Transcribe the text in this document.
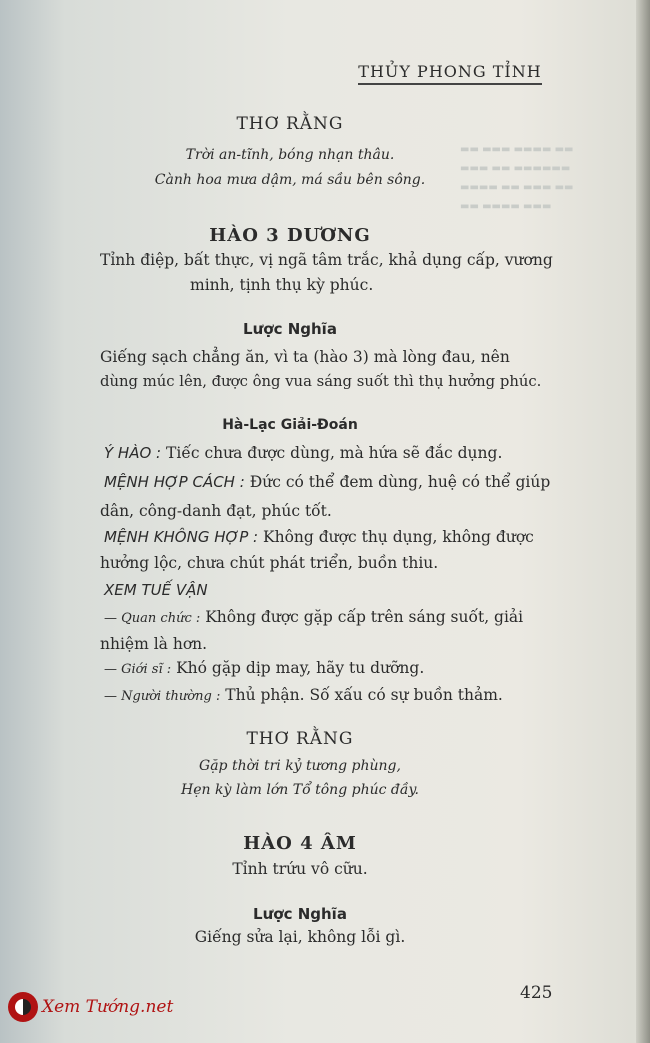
▬▬ ▬▬▬ ▬▬▬▬ ▬▬
▬▬▬ ▬▬ ▬▬▬▬▬▬
▬▬▬▬ ▬▬ ▬▬▬ ▬▬
▬▬ ▬▬▬▬ ▬▬▬
THỦY PHONG TỈNH
THƠ RẰNG
Trời an-tĩnh, bóng nhạn thâu.
Cành hoa mưa dậm, má sầu bên sông.
HÀO 3 DƯƠNG
Tỉnh điệp, bất thực, vị ngã tâm trắc, khả dụng cấp, vương
minh, tịnh thụ kỳ phúc.
Lược Nghĩa
Giếng sạch chẳng ăn, vì ta (hào 3) mà lòng đau, nên
dùng múc lên, được ông vua sáng suốt thì thụ hưởng phúc.
Hà-Lạc Giải-Đoán
Ý HÀO : Tiếc chưa được dùng, mà hứa sẽ đắc dụng.
MỆNH HỢP CÁCH : Đức có thể đem dùng, huệ có thể giúp
dân, công-danh đạt, phúc tốt.
MỆNH KHÔNG HỢP : Không được thụ dụng, không được
hưởng lộc, chưa chút phát triển, buồn thiu.
XEM TUẾ VẬN
— Quan chức : Không được gặp cấp trên sáng suốt, giải
nhiệm là hơn.
— Giới sĩ : Khó gặp dịp may, hãy tu dưỡng.
— Người thường : Thủ phận. Số xấu có sự buồn thảm.
THƠ RẰNG
Gặp thời tri kỷ tương phùng,
Hẹn kỳ làm lớn Tổ tông phúc đầy.
HÀO 4 ÂM
Tỉnh trứu vô cữu.
Lược Nghĩa
Giếng sửa lại, không lỗi gì.
425
Xem Tướng.net
